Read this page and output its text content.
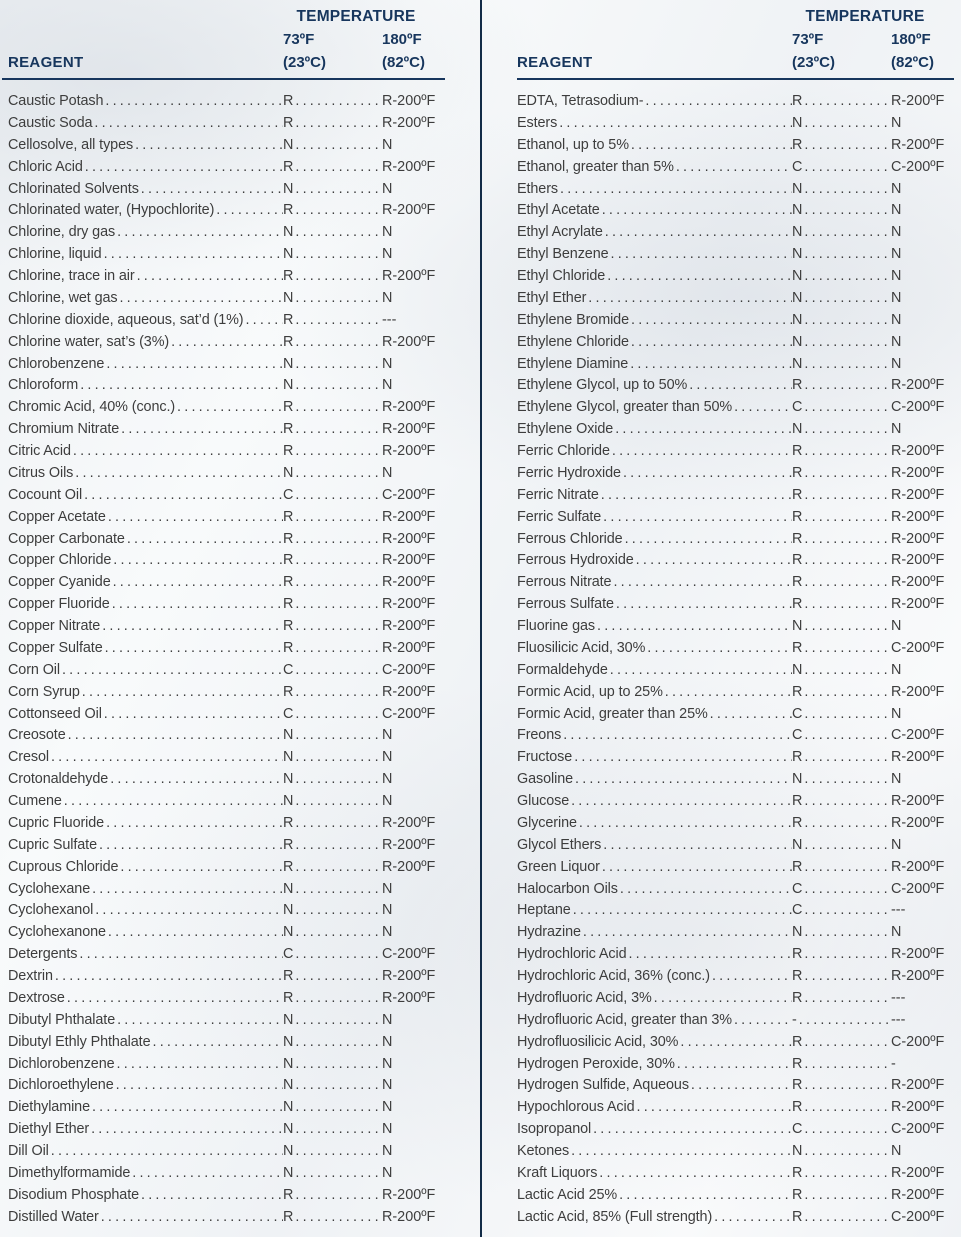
TEMPERATURE
73ºF	180ºF
REAGENT	(23ºC)	(82ºC)
Caustic Potash .....	R .....	R-200ºF
Caustic Soda .....	R .....	R-200ºF
Cellosolve, all types .....	N .....	N
Chloric Acid .....	R .....	R-200ºF
Chlorinated Solvents .....	N .....	N
Chlorinated water, (Hypochlorite) .....	R .....	R-200ºF
Chlorine, dry gas .....	N .....	N
Chlorine, liquid .....	N .....	N
Chlorine, trace in air .....	R .....	R-200ºF
Chlorine, wet gas .....	N .....	N
Chlorine dioxide, aqueous, sat’d (1%) .....	R .....	---
Chlorine water, sat’s (3%) .....	R .....	R-200ºF
Chlorobenzene .....	N .....	N
Chloroform .....	N .....	N
Chromic Acid, 40% (conc.) .....	R .....	R-200ºF
Chromium Nitrate .....	R .....	R-200ºF
Citric Acid .....	R .....	R-200ºF
Citrus Oils .....	N .....	N
Cocount Oil .....	C .....	C-200ºF
Copper Acetate .....	R .....	R-200ºF
Copper Carbonate .....	R .....	R-200ºF
Copper Chloride .....	R .....	R-200ºF
Copper Cyanide .....	R .....	R-200ºF
Copper Fluoride .....	R .....	R-200ºF
Copper Nitrate .....	R .....	R-200ºF
Copper Sulfate .....	R .....	R-200ºF
Corn Oil .....	C .....	C-200ºF
Corn Syrup .....	R .....	R-200ºF
Cottonseed Oil .....	C .....	C-200ºF
Creosote .....	N .....	N
Cresol .....	N .....	N
Crotonaldehyde .....	N .....	N
Cumene .....	N .....	N
Cupric Fluoride .....	R .....	R-200ºF
Cupric Sulfate .....	R .....	R-200ºF
Cuprous Chloride .....	R .....	R-200ºF
Cyclohexane .....	N .....	N
Cyclohexanol .....	N .....	N
Cyclohexanone .....	N .....	N
Detergents .....	C .....	C-200ºF
Dextrin .....	R .....	R-200ºF
Dextrose .....	R .....	R-200ºF
Dibutyl Phthalate .....	N .....	N
Dibutyl Ethly Phthalate .....	N .....	N
Dichlorobenzene .....	N .....	N
Dichloroethylene .....	N .....	N
Diethylamine .....	N .....	N
Diethyl Ether .....	N .....	N
Dill Oil .....	N .....	N
Dimethylformamide .....	N .....	N
Disodium Phosphate .....	R .....	R-200ºF
Distilled Water .....	R .....	R-200ºF
TEMPERATURE
73ºF	180ºF
REAGENT	(23ºC)	(82ºC)
EDTA, Tetrasodium- .....	R .....	R-200ºF
Esters .....	N .....	N
Ethanol, up to 5% .....	R .....	R-200ºF
Ethanol, greater than 5% .....	C .....	C-200ºF
Ethers .....	N .....	N
Ethyl Acetate .....	N .....	N
Ethyl Acrylate .....	N .....	N
Ethyl Benzene .....	N .....	N
Ethyl Chloride .....	N .....	N
Ethyl Ether .....	N .....	N
Ethylene Bromide .....	N .....	N
Ethylene Chloride .....	N .....	N
Ethylene Diamine .....	N .....	N
Ethylene Glycol, up to 50% .....	R .....	R-200ºF
Ethylene Glycol, greater than 50% .....	C .....	C-200ºF
Ethylene Oxide .....	N .....	N
Ferric Chloride .....	R .....	R-200ºF
Ferric Hydroxide .....	R .....	R-200ºF
Ferric Nitrate .....	R .....	R-200ºF
Ferric Sulfate .....	R .....	R-200ºF
Ferrous Chloride .....	R .....	R-200ºF
Ferrous Hydroxide .....	R .....	R-200ºF
Ferrous Nitrate .....	R .....	R-200ºF
Ferrous Sulfate .....	R .....	R-200ºF
Fluorine gas .....	N .....	N
Fluosilicic Acid, 30% .....	R .....	C-200ºF
Formaldehyde .....	N .....	N
Formic Acid, up to 25% .....	R .....	R-200ºF
Formic Acid, greater than 25% .....	C .....	N
Freons .....	C .....	C-200ºF
Fructose .....	R .....	R-200ºF
Gasoline .....	N .....	N
Glucose .....	R .....	R-200ºF
Glycerine .....	R .....	R-200ºF
Glycol Ethers .....	N .....	N
Green Liquor .....	R .....	R-200ºF
Halocarbon Oils .....	C .....	C-200ºF
Heptane .....	C .....	---
Hydrazine .....	N .....	N
Hydrochloric Acid .....	R .....	R-200ºF
Hydrochloric Acid, 36% (conc.) .....	R .....	R-200ºF
Hydrofluoric Acid, 3% .....	R .....	---
Hydrofluoric Acid, greater than 3% .....	- .....	---
Hydrofluosilicic Acid, 30% .....	R .....	C-200ºF
Hydrogen Peroxide, 30% .....	R .....	-
Hydrogen Sulfide, Aqueous .....	R .....	R-200ºF
Hypochlorous Acid .....	R .....	R-200ºF
Isopropanol .....	C .....	C-200ºF
Ketones .....	N .....	N
Kraft Liquors .....	R .....	R-200ºF
Lactic Acid 25% .....	R .....	R-200ºF
Lactic Acid, 85% (Full strength) .....	R .....	C-200ºF
